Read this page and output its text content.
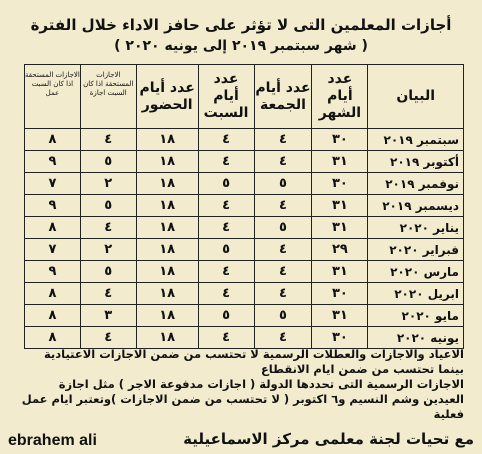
أجازات المعلمين التى لا تؤثر على حافز الاداء خلال الفترة
( شهر سبتمبر ٢٠١٩ إلى يونيه ٢٠٢٠ )
البيان	عدد أيام الشهر	عدد أيام الجمعة	عدد أيام السبت	عدد أيام الحضور	الاجازات المستحقة اذا كان السبت اجازة	الاجازات المستحقة اذا كان السبت عمل
سبتمبر ٢٠١٩	٣٠	٤	٤	١٨	٤	٨
أكتوبر ٢٠١٩	٣١	٤	٤	١٨	٥	٩
نوفمبر ٢٠١٩	٣٠	٥	٥	١٨	٢	٧
ديسمبر ٢٠١٩	٣١	٤	٤	١٨	٥	٩
يناير ٢٠٢٠	٣١	٥	٤	١٨	٤	٨
فبراير ٢٠٢٠	٢٩	٤	٥	١٨	٢	٧
مارس ٢٠٢٠	٣١	٤	٤	١٨	٥	٩
ابريل ٢٠٢٠	٣٠	٤	٤	١٨	٤	٨
مايو ٢٠٢٠	٣١	٥	٥	١٨	٣	٨
يونيه ٢٠٢٠	٣٠	٤	٤	١٨	٤	٨

الاعياد والاجازات والعطلات الرسمية لا تحتسب من ضمن الاجازات الاعتيادية

بينما تحتسب من ضمن ايام الانقطاع

الاجازات الرسمية التى تحددها الدولة ( اجازات مدفوعة الاجر ) مثل اجازة

العيدين وشم النسيم و٦ اكتوبر ( لا تحتسب من ضمن الاجازات )وتعتبر ايام عمل

فعلية

مع تحيات لجنة معلمى مركز الاسماعيلية
ebrahem ali
